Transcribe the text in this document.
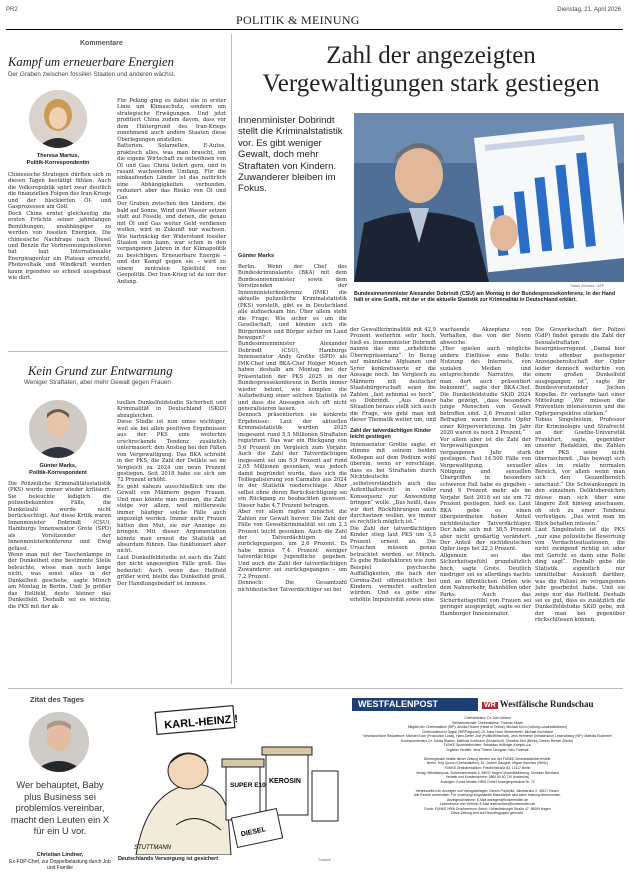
PR2
POLITIK & MEINUNG
Dienstag, 21. April 2026
Kommentare
Kampf um erneuerbare Energien
Der Graben zwischen fossilen Staaten und anderen wächst.
Theresa Martus,
Politik-Korrespondentin
Chinesische Strategen dürften sich in diesen Tagen bestätigt fühlen. Auch die Volksrepublik spürt zwar deutlich die finanziellen Folgen des Iran-Kriegs und der blockierten Öl- und Gasprozessen am Golf.
Doch China erntet gleichzeitig die ersten Früchte seiner jahrelangen Bemühungen, unabhängiger zu werden von fossilen Energien. Die chinesische Nachfrage nach Diesel und Benzin für Verbrennungsmotoren hat laut Internationaler Energieagentur ein Plateau erreicht, Photovoltaik und Windkraft werden kaum irgendwo so schnell ausgebaut wie dort.
Für Peking ging es dabei nie in erster Linie um Klimaschutz, sondern um strategische Erwägungen. Und jetzt profitiert China zudem davon, dass vor dem Hintergrund des Iran-Kriegs zunehmend auch andere Staaten diese Überlegungen anstellen.
Batterien, Solarzellen, E-Autos, praktisch alles, was man braucht, um die eigene Wirtschaft zu entwöhnen von Öl und Gas: China liefert gern, und in rasant wachsendem Umfang. Für die einkaufenden Länder ist das natürlich eine Abhängigkeiten verbunden, reduziert aber das Risiko von Öl und Gas.
Der Graben zwischen den Ländern, die bald auf Sonne, Wind und Wasser setzen statt auf Fossile, und denen, die genau mit Öl und Gas weiter Geld verdienen wollen, wird in Zukunft nur wachsen. Wie hartnäckig der Widerstand fossiler Staaten sein kann, war schon in den vergangenen Jahren in der Klimapolitik zu besichtigen. Erneuerbare Energie – und der Kampf gegen sie – wird zu einem zentralen Spielfeld von Geopolitik. Der Iran-Krieg ist da nur der Anfang.
Kein Grund zur Entwarnung
Weniger Straftaten, aber mehr Gewalt gegen Frauen
Günter Marks,
Politik-Korrespondent
Die Polizeiliche Kriminalitätsstatistik (PKS) wurde immer wieder kritisiert. Sie beleuchte lediglich die polizeibekannten Fälle, die Dunkelzahl werde nicht berücksichtigt. Auf diese Kritik waren Innenminister Dobrindt (CSU), Hamburgs Innensenator Grote (SPD) als Vorsitzender der Innenministerkonferenz und Ewig gefasst.
Wenn man mit der Taschenlampe in der Dunkelheit eine bestimmte Stelle beleuchte, wisse man noch lange nicht, was sonst alles in der Dunkelheit geschehe, sagte Münch am Montag in Berlin. Und: Je größer das Hellfeld, desto kleiner das Dunkelfeld. Deshalb sei es wichtig, die PKS mit der ak-
tuellen Dunkelfeldstudie Sicherheit und Kriminalität in Deutschland (SKiD) abzugleichen.
Diese Studie ist nun umso wichtiger, weil sie bei allen positiven Ergebnissen aus der PKS eine weiterhin erschreckende Tendenz zusätzlich untermauert: den Anstieg bei den Fällen von Vergewaltigung. Das BKA schreibt in der PKS, die Zahl der Delikte sei im Vergleich zu 2024 um neun Prozent gestiegen. Seit 2018 habe sie sich um 72 Prozent erhöht.
Es geht nahezu ausschließlich um die Gewalt von Männern gegen Frauen. Und man könnte man meinen, die Zahl steige vor allem, weil mittlerweile immer häufiger solche Fälle auch angezeigt werden. Immer mehr Frauen hätten den Mut, sie zur Anzeige zu bringen. Mit dieser Argumentation könnte man erneut die Statistik ad absurdum führen. Das funktioniert aber nicht.
Laut Dunkelfeldstudie ist auch die Zahl der nicht angezeigten Fälle groß. Das bedeutet: Auch wenn das Hellfeld größer wird, bleibt das Dunkelfeld groß. Der Handlungsbedarf ist immens.
Zahl der angezeigten Vergewaltigungen stark gestiegen
Innenminister Dobrindt stellt die Kriminalstatistik vor. Es gibt weniger Gewalt, doch mehr Straftaten von Kindern. Zuwanderer bleiben im Fokus.
Tobias Schwarz / AFP
Bundesinnenminister Alexander Dobrindt (CSU) am Montag in der Bundespressekonferenz. In der Hand hält er eine Grafik, mit der er die aktuelle Statistik zur Kriminalität in Deutschland erklärt.
Günter Marks
Berlin. Wenn der Chef des Bundeskriminalamts (BKA) mit dem Bundesinnenminister sowie dem Vorsitzenden der Innenministerkonferenz (IMK) die aktuelle polizeiliche Kriminalstatistik (PKS) vorstellt, gibt es in Deutschland alle aufmerksam hin. Über allem steht die Frage: Wie sicher es um die Gesellschaft, und können sich die Bürgerinnen und Bürger sicher im Land bewegen?
Bundesinnenminister Alexander Dobrindt (CSU), Hamburgs Innensenator Andy Grothe (SPD) als IMK-Chef und BKA-Chef Holger Münch haben deshalb am Montag bei der Präsentation der PKS 2025 in der Bundespressekonferenz in Berlin immer wieder betont, wie komplex die Aufarbeitung einer solchen Statistik ist und dass die Aussagen sich oft nicht generalisieren lassen.
Dennoch präsentierten sie konkrete Ergebnisse: Laut der aktuellen Kriminalstatistik wurden 2025 insgesamt rund 5,5 Millionen Straftaten registriert. Das war ein Rückgang von 5,6 Prozent im Vergleich zum Vorjahr. Auch die Zahl der Tatverdächtigen insgesamt sei um 5,9 Prozent auf rund 2,05 Millionen gesunken, was jedoch damit begründet wurde, dass sich die Teillegalisierung von Cannabis aus 2024 in der Statistik niederschlage. Aber selbst ohne deren Berücksichtigung sei ein Rückgang zu beobachten gewesen. Dieser habe 4,7 Prozent betragen.
Aber vor allem ragten zunächst die Zahlen zur Gewalt hervor. Die Zahl der Fälle von Gewaltkriminalität sei um 2,3 Prozent leicht gesunken. Auch die Zahl der Tatverdächtigen ist zurückgegangen, um 2,6 Prozent. Es habe minus 7,4 Prozent weniger tatverdächtige Jugendliche gegeben. Und auch die Zahl der tatverdächtigen Zuwanderer sei zurückgegangen – um 7,2 Prozent.
Dennoch: Die Gesamtzahl nichtdeutscher Tatverdächtiger sei bei
der Gewaltkriminalität mit 42,9 Prozent weiterhin sehr hoch, hieß es. Innenminister Dobrindt nannte das eine „erhebliche Überrepräsentanz“. In Bezug auf männliche Afghanen und Syrer konkretisierte er die Aussage noch. Im Vergleich zu Männern mit deutscher Staatsbürgerschaft seien die Zahlen „fast zehnmal so hoch“, so Dobrindt. „Aus dieser Situation heraus stellt sich auch die Frage, wie geht man mit dieser Thematik weiter um, und
Zahl der tatverdächtigen Kinder leicht gestiegen
Innensenator Grothe sagte, er stimme mit seinem beiden Kollegen auf dem Podium wohl überein, wenn er vorschlage, dass es bei Straftaten durch Nichtdeutsche „selbstverständlich auch das Aufenthaltsrecht in voller Konsequenz zur Anwendung bringen“ wolle. „Das heißt, dass wir dort Rückführungen auch durchsetzen wollen, wo immer es rechtlich möglich ist.“
Die Zahl der tatverdächtigen Kinder stieg laut PKS um 3,3 Prozent erneut an. Die Ursachen müssen genau betrachtet werden, so Münch. Es gebe Risikofaktoren wie zum Beispiel psychische Auffälligkeiten, die nach der Corona-Zeit offensichtlich bei Kindern vermehrt auftreten würden. Und es gebe eine erhöhte Impulsivität sowie eine
wachsende Akzeptanz von Verhalten, das von der Norm abweiche.
„Hier spielen auch mögliche andere Einflüsse eine Rolle: Nutzung des Internets, von sozialen Medien und entsprechende Narrative, die man dort auch präsentiert bekommt“, sagte der BKA-Chef. Die Dunkelfeldstudie SKiD 2024 habe gezeigt, „dass besonders junge Menschen von Gewalt betroffen sind. 2,6 Prozent aller Befragten waren bereits Opfer einer Körperverletzung. Im Jahr 2020 waren es noch 2 Prozent.“
Vor allem aber ist die Zahl der Vergewaltigungen im vergangenen Jahr stark gestiegen. Fast 14.500 Fälle von Vergewaltigung, sexueller Nötigung und sexuellen Übergriffen in besonders schweren Fall habe es gegeben – rund 9 Prozent mehr als im Vorjahr. Seit 2018 sei sie um 72 Prozent gestiegen, hieß es. Laut BKA gebe es einen übergeordneten hohen Anteil nichtdeutscher Tatverdächtiger. Der habe sich mit 38,5 Prozent aber nicht großartig verändert. Der Anteil der nichtdeutschen Opfer liege bei 22,3 Prozent.
Allgemein sei das Sicherheitsgefühl grundsätzlich hoch, sagte Grote. Deutlich niedriger sei es allerdings nachts und an öffentlichen Orten wie dem Nahverkehr, Bahnhöfen oder Parks. Auch das Sicherheitsgefühl von Frauen sei geringer ausgeprägt, sagte so der Hamburger Innensenator.
Die Gewerkschaft der Polizei (GdP) findet gerade die Zahl der Sexualstraftaten besorgniserregend. „Damal hier trotz offenbar gestiegener Anzeigebereitschaft der Opfer leider dennoch weiterhin von einem großen Dunkelfeld ausgegangen ist“, sagte ihr Bundesvorsitzender Jochen Kopelke. Er verlangte laut einer Mitteilung: „Wir müssen die Prävention intensivieren und die Opferperspektive stärken.“
Tobias Singelnstein, Professor für Kriminologie und Strafrecht an der Goethe-Universität Frankfurt, sagte, gegenüber unserer Redaktion, die Zahlen der PKS seien nicht überraschend. „Das bewegt sich alles im relativ normalen Bereich, vor allem wenn man sich den Gesamtbereich anschaut.“ Die Schwankungen in den einzelnen Deliktsbereichen müsse man sich über eine längere Zeit hinweg anschauen, ob sich zu einer Tendenz verfestigen. „Das wird man im Blick behalten müssen.“
Laut Singelnstein ist die PKS „nur eine polizeiliche Bewertung von Verdachtssituationen, die nicht zwingend richtig ist oder mit Gericht so dann eine Rolle ding sagt“. Deshalb gebe die Statistik eigentlich nur unmittelbar Auskunft darüber, was die Polizei im vergangenen Jahr gearbeitet habe. Und sie zeige nur das Hellfeld. Deshalb sei es gut, dass es zusätzlich die Dunkelfeldstudie SKiD gebe, mit der man bei gegenüber rückschlüssen können.
Zitat des Tages
Wer behauptet, Baby plus Business sei problemlos vereinbar, macht den Leuten ein X für ein U vor.
Christian Lindner,
Ex-FDP-Chef, zur Doppelbelastung durch Job und Familie
KARL-HEINZ !
SUPER E10
KEROSIN
DIESEL
STUTTMANN
Deutschlands Versorgung ist gesichert	Tomicek
WESTFALENPOST	WR Westfälische Rundschau
Chefredakteur: Dr. Jost Lübben
Stellvertretender Chefredakteur: Thomas Kloste
Mitglied der Chefredaktion (WP): Annika Fischer (Head of Online), Michael Koch (Leitung Lokalredaktionen)
Chefredakteur/in Digital (WP/Regional): Dr. Anna Hoch Stellvertreter: Michael Kochtheim
Verantwortliche Redakteure: Michael Koch (Produktion Lokal), Hans-Dieter Jost (Politik/Wirtschaft), Jens Hehnerke (Infrastruktur) Lesersdialog (WP): Mathias Eickmeier Korrespondenten: Dr. Tobias Blasius, Matthias Korfmann (Düsseldorf), Christian Kerl (Berlin), Dennis Reimer (Berlin).
FUNKE Sportnachrichten: Sebastian Hüttinger-Kampik u.a.
Digitaler Vertrieb: Jens Thieme Designer: Nico Trzeciak

Überregionale Inhalte dieser Zeitung werden von der FUNKE Zentralredaktion erstellt.
Berlin: Jörg Quoos (Chefredakteur), Dr. Jochen Gaugele, Miguel Sanches (Stellv.)
FUNKE Zentralredaktion: Friedrichstraße 83, 10117 Berlin
Verlag: Westfalenpost, Schürmannstraße 4, 58097 Hagen Geschäftsführung: Christian Nienhaus
Vertrieb und Kundenservice: 0800 60 60 710 (kostenlos)
Anzeigen: Funke Medien NRW GmbH Anzeigenpreisliste Nr. 72

Verantwortlich für Anzeigen und Verlagsbeilagen: Dennis Przybylla, Jakobstraße 2, 45127 Essen.
Alle Rechte vorbehalten. Für unverlangt eingesandte Manuskripte wird keine Haftung übernommen.
Anzeigenannahme: E-Mail anzeigen@funkemedien.de
Leserservice und Vertrieb: E-Mail leserservice@funkemedien.de
Druck: FUNKE NRW Druckzentrum GmbH, Hohenlimburger Straße 47, 58099 Hagen
Diese Zeitung wird auf Recyclingpapier gedruckt.
